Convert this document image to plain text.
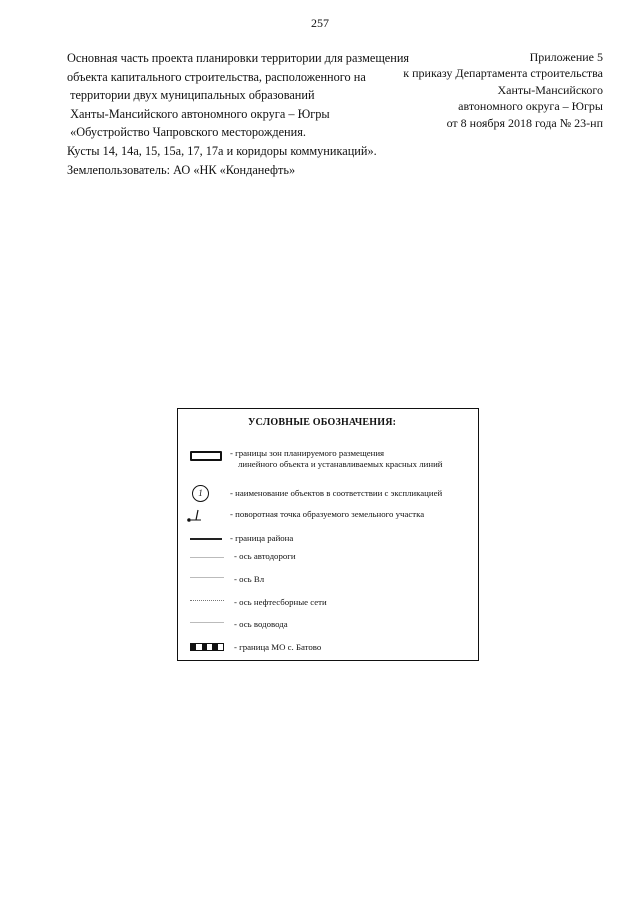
257
Основная часть проекта планировки территории для размещения
объекта капитального строительства, расположенного на
территории двух муниципальных образований
Ханты-Мансийского автономного округа – Югры
«Обустройство Чапровского месторождения.
Кусты 14, 14а, 15, 15а, 17, 17а и коридоры коммуникаций».
Землепользователь: АО «НК «Конданефть»
Приложение 5
к приказу Департамента строительства
Ханты-Мансийского
автономного округа – Югры
от 8 ноября 2018 года № 23-нп
УСЛОВНЫЕ ОБОЗНАЧЕНИЯ:
- границы зон планируемого размещения
линейного объекта и устанавливаемых красных линий
1	- наименование объектов в соответствии с экспликацией
- поворотная точка образуемого земельного участка
- граница района
- ось автодороги
- ось Вл
- ось нефтесборные сети
- ось водовода
- граница МО с. Батово
